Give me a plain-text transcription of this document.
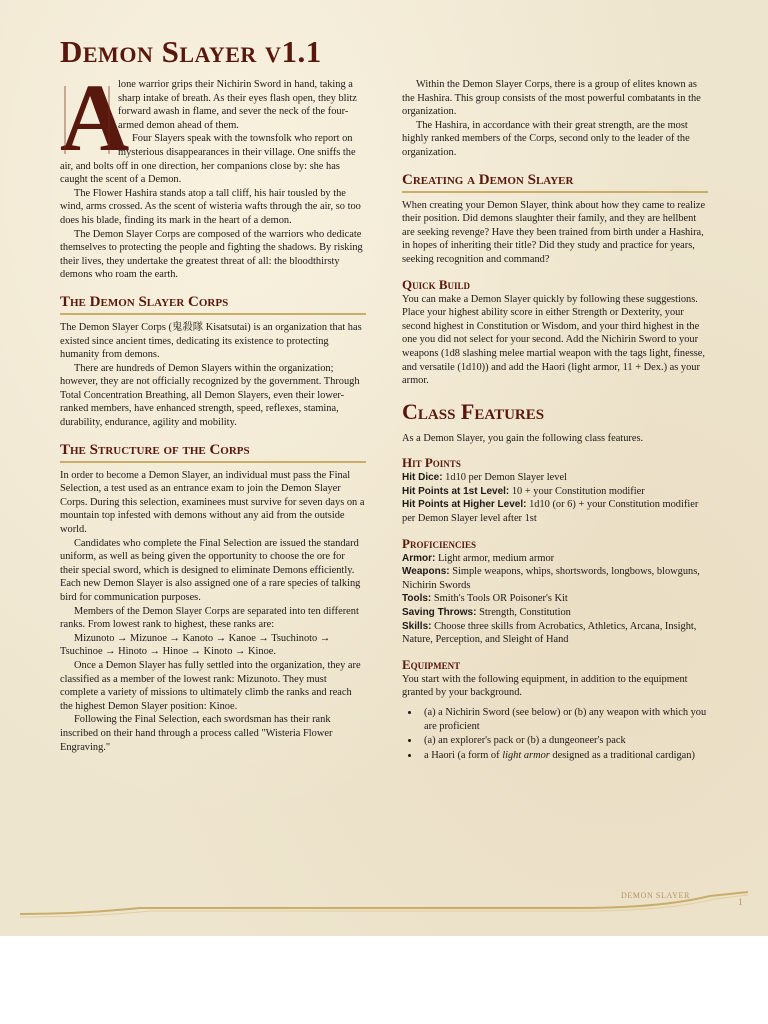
Demon Slayer v1.1
A

lone warrior grips their Nichirin Sword in hand, taking a sharp intake of breath. As their eyes flash open, they blitz forward awash in flame, and sever the neck of the four-armed demon ahead of them.

Four Slayers speak with the townsfolk who report on mysterious disappearances in their village. One sniffs the air, and bolts off in one direction, her companions close by: she has caught the scent of a Demon.

The Flower Hashira stands atop a tall cliff, his hair tousled by the wind, arms crossed. As the scent of wisteria wafts through the air, so too does his blade, finding its mark in the heart of a demon.

The Demon Slayer Corps are composed of the warriors who dedicate themselves to protecting the people and fighting the shadows. By risking their lives, they undertake the greatest threat of all: the bloodthirsty demons who roam the earth.

The Demon Slayer Corps

The Demon Slayer Corps (鬼殺隊 Kisatsutai) is an organization that has existed since ancient times, dedicating its existence to protecting humanity from demons.

There are hundreds of Demon Slayers within the organization; however, they are not officially recognized by the government. Through Total Concentration Breathing, all Demon Slayers, even their lower-ranked members, have enhanced strength, speed, reflexes, stamina, durability, endurance, agility and mobility.

The Structure of the Corps

In order to become a Demon Slayer, an individual must pass the Final Selection, a test used as an entrance exam to join the Demon Slayer Corps. During this selection, examinees must survive for seven days on a mountain top infested with demons without any aid from the outside world.

Candidates who complete the Final Selection are issued the standard uniform, as well as being given the opportunity to choose the ore for their special sword, which is designed to eliminate Demons efficiently. Each new Demon Slayer is also assigned one of a rare species of talking bird for communication purposes.

Members of the Demon Slayer Corps are separated into ten different ranks. From lowest rank to highest, these ranks are:

Mizunoto → Mizunoe → Kanoto → Kanoe → Tsuchinoto → Tsuchinoe → Hinoto → Hinoe → Kinoto → Kinoe.

Once a Demon Slayer has fully settled into the organization, they are classified as a member of the lowest rank: Mizunoto. They must complete a variety of missions to ultimately climb the ranks and reach the highest Demon Slayer position: Kinoe.

Following the Final Selection, each swordsman has their rank inscribed on their hand through a process called "Wisteria Flower Engraving."

Within the Demon Slayer Corps, there is a group of elites known as the Hashira. This group consists of the most powerful combatants in the organization.

The Hashira, in accordance with their great strength, are the most highly ranked members of the Corps, second only to the leader of the organization.

Creating a Demon Slayer

When creating your Demon Slayer, think about how they came to realize their position. Did demons slaughter their family, and they are hellbent are seeking revenge? Have they been trained from birth under a Hashira, in hopes of inheriting their title? Did they study and practice for years, seeking recognition and command?

Quick Build

You can make a Demon Slayer quickly by following these suggestions. Place your highest ability score in either Strength or Dexterity, your second highest in Constitution or Wisdom, and your third highest in the one you did not select for your second. Add the Nichirin Sword to your weapons (1d8 slashing melee martial weapon with the tags light, finesse, and versatile (1d10)) and add the Haori (light armor, 11 + Dex.) as your armor.

Class Features

As a Demon Slayer, you gain the following class features.

Hit Points

Hit Dice: 1d10 per Demon Slayer level

Hit Points at 1st Level: 10 + your Constitution modifier

Hit Points at Higher Level: 1d10 (or 6) + your Constitution modifier per Demon Slayer level after 1st

Proficiencies

Armor: Light armor, medium armor

Weapons: Simple weapons, whips, shortswords, longbows, blowguns, Nichirin Swords

Tools: Smith's Tools OR Poisoner's Kit

Saving Throws: Strength, Constitution

Skills: Choose three skills from Acrobatics, Athletics, Arcana, Insight, Nature, Perception, and Sleight of Hand

Equipment

You start with the following equipment, in addition to the equipment granted by your background.

• (a) a Nichirin Sword (see below) or (b) any weapon with which you are proficient
• (a) an explorer's pack or (b) a dungeoneer's pack
• a Haori (a form of light armor designed as a traditional cardigan)
DEMON SLAYER
1
